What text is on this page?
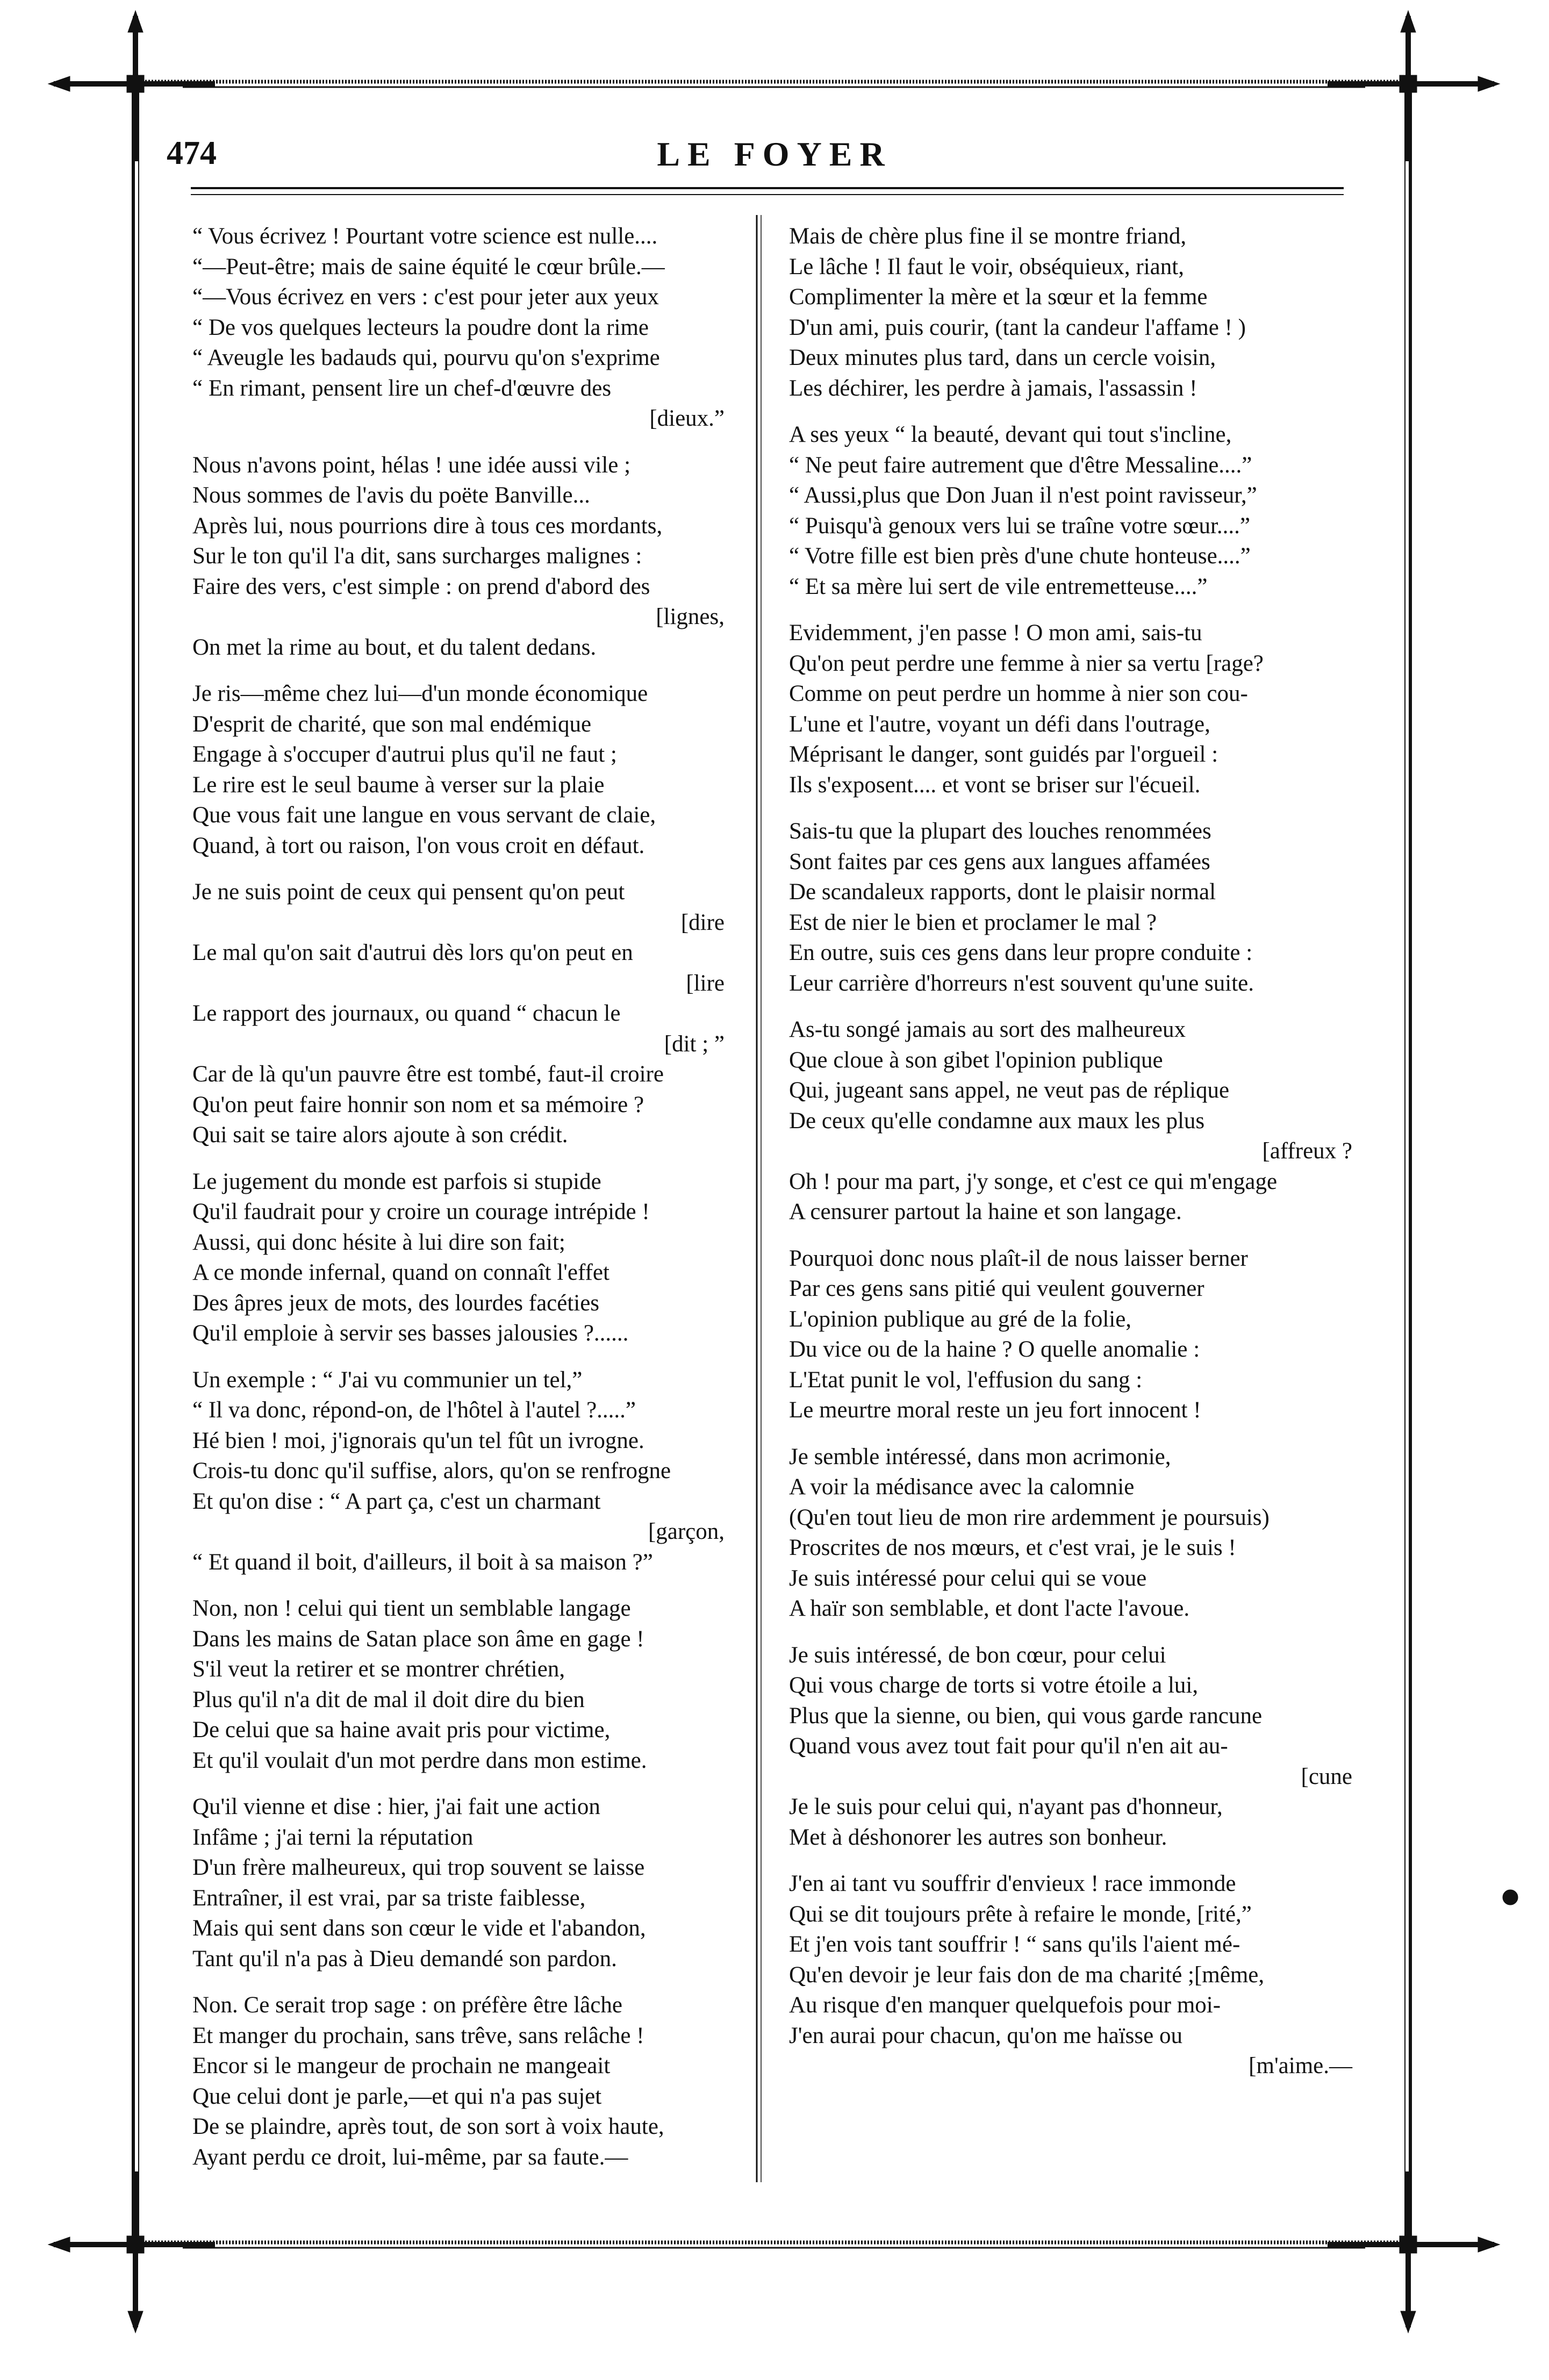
474	LE FOYER
“ Vous écrivez ! Pourtant votre science est nulle....
“—Peut-être; mais de saine équité le cœur brûle.—
“—Vous écrivez en vers : c'est pour jeter aux yeux
“ De vos quelques lecteurs la poudre dont la rime
“ Aveugle les badauds qui, pourvu qu'on s'exprime
“ En rimant, pensent lire un chef-d'œuvre des
[dieux.”
Nous n'avons point, hélas ! une idée aussi vile ;
Nous sommes de l'avis du poëte Banville...
Après lui, nous pourrions dire à tous ces mordants,
Sur le ton qu'il l'a dit, sans surcharges malignes :
Faire des vers, c'est simple : on prend d'abord des
[lignes,
On met la rime au bout, et du talent dedans.
Je ris—même chez lui—d'un monde économique
D'esprit de charité, que son mal endémique
Engage à s'occuper d'autrui plus qu'il ne faut ;
Le rire est le seul baume à verser sur la plaie
Que vous fait une langue en vous servant de claie,
Quand, à tort ou raison, l'on vous croit en défaut.
Je ne suis point de ceux qui pensent qu'on peut
[dire
Le mal qu'on sait d'autrui dès lors qu'on peut en
[lire
Le rapport des journaux, ou quand “ chacun le
[dit ; ”
Car de là qu'un pauvre être est tombé, faut-il croire
Qu'on peut faire honnir son nom et sa mémoire ?
Qui sait se taire alors ajoute à son crédit.
Le jugement du monde est parfois si stupide
Qu'il faudrait pour y croire un courage intrépide !
Aussi, qui donc hésite à lui dire son fait;
A ce monde infernal, quand on connaît l'effet
Des âpres jeux de mots, des lourdes facéties
Qu'il emploie à servir ses basses jalousies ?......
Un exemple : “ J'ai vu communier un tel,”
“ Il va donc, répond-on, de l'hôtel à l'autel ?.....”
Hé bien ! moi, j'ignorais qu'un tel fût un ivrogne.
Crois-tu donc qu'il suffise, alors, qu'on se renfrogne
Et qu'on dise : “ A part ça, c'est un charmant
[garçon,
“ Et quand il boit, d'ailleurs, il boit à sa maison ?”
Non, non ! celui qui tient un semblable langage
Dans les mains de Satan place son âme en gage !
S'il veut la retirer et se montrer chrétien,
Plus qu'il n'a dit de mal il doit dire du bien
De celui que sa haine avait pris pour victime,
Et qu'il voulait d'un mot perdre dans mon estime.
Qu'il vienne et dise : hier, j'ai fait une action
Infâme ; j'ai terni la réputation
D'un frère malheureux, qui trop souvent se laisse
Entraîner, il est vrai, par sa triste faiblesse,
Mais qui sent dans son cœur le vide et l'abandon,
Tant qu'il n'a pas à Dieu demandé son pardon.
Non. Ce serait trop sage : on préfère être lâche
Et manger du prochain, sans trêve, sans relâche !
Encor si le mangeur de prochain ne mangeait
Que celui dont je parle,—et qui n'a pas sujet
De se plaindre, après tout, de son sort à voix haute,
Ayant perdu ce droit, lui-même, par sa faute.—
Mais de chère plus fine il se montre friand,
Le lâche ! Il faut le voir, obséquieux, riant,
Complimenter la mère et la sœur et la femme
D'un ami, puis courir, (tant la candeur l'affame ! )
Deux minutes plus tard, dans un cercle voisin,
Les déchirer, les perdre à jamais, l'assassin !
A ses yeux “ la beauté, devant qui tout s'incline,
“ Ne peut faire autrement que d'être Messaline....”
“ Aussi,plus que Don Juan il n'est point ravisseur,”
“ Puisqu'à genoux vers lui se traîne votre sœur....”
“ Votre fille est bien près d'une chute honteuse....”
“ Et sa mère lui sert de vile entremetteuse....”
Evidemment, j'en passe ! O mon ami, sais-tu
Qu'on peut perdre une femme à nier sa vertu [rage?
Comme on peut perdre un homme à nier son cou-
L'une et l'autre, voyant un défi dans l'outrage,
Méprisant le danger, sont guidés par l'orgueil :
Ils s'exposent.... et vont se briser sur l'écueil.
Sais-tu que la plupart des louches renommées
Sont faites par ces gens aux langues affamées
De scandaleux rapports, dont le plaisir normal
Est de nier le bien et proclamer le mal ?
En outre, suis ces gens dans leur propre conduite :
Leur carrière d'horreurs n'est souvent qu'une suite.
As-tu songé jamais au sort des malheureux
Que cloue à son gibet l'opinion publique
Qui, jugeant sans appel, ne veut pas de réplique
De ceux qu'elle condamne aux maux les plus
[affreux ?
Oh ! pour ma part, j'y songe, et c'est ce qui m'engage
A censurer partout la haine et son langage.
Pourquoi donc nous plaît-il de nous laisser berner
Par ces gens sans pitié qui veulent gouverner
L'opinion publique au gré de la folie,
Du vice ou de la haine ? O quelle anomalie :
L'Etat punit le vol, l'effusion du sang :
Le meurtre moral reste un jeu fort innocent !
Je semble intéressé, dans mon acrimonie,
A voir la médisance avec la calomnie
(Qu'en tout lieu de mon rire ardemment je poursuis)
Proscrites de nos mœurs, et c'est vrai, je le suis !
Je suis intéressé pour celui qui se voue
A haïr son semblable, et dont l'acte l'avoue.
Je suis intéressé, de bon cœur, pour celui
Qui vous charge de torts si votre étoile a lui,
Plus que la sienne, ou bien, qui vous garde rancune
Quand vous avez tout fait pour qu'il n'en ait au-
[cune
Je le suis pour celui qui, n'ayant pas d'honneur,
Met à déshonorer les autres son bonheur.
J'en ai tant vu souffrir d'envieux ! race immonde
Qui se dit toujours prête à refaire le monde, [rité,”
Et j'en vois tant souffrir ! “ sans qu'ils l'aient mé-
Qu'en devoir je leur fais don de ma charité ;[même,
Au risque d'en manquer quelquefois pour moi-
J'en aurai pour chacun, qu'on me haïsse ou
[m'aime.—
